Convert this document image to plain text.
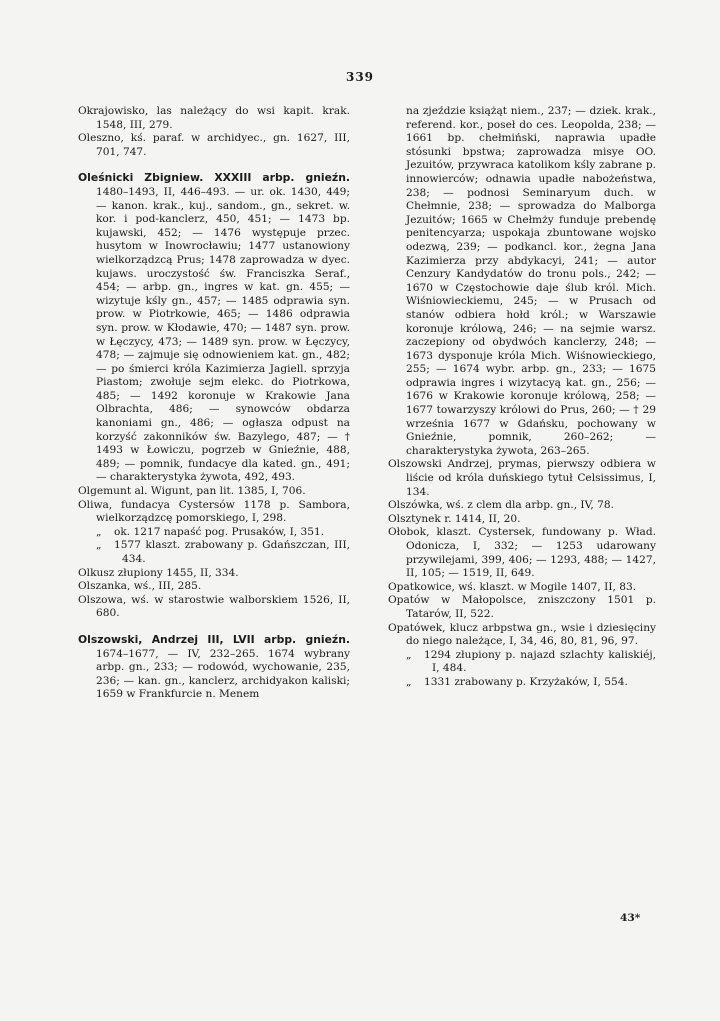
339

Okrajowisko, las należący do wsi kapit. krak. 1548, III, 279.

Oleszno, kś. paraf. w archidyec., gn. 1627, III, 701, 747.

Oleśnicki Zbigniew. XXXIII arbp. gnieźn. 1480–1493, II, 446–493. — ur. ok. 1430, 449; — kanon. krak., kuj., sandom., gn., sekret. w. kor. i pod-kanclerz, 450, 451; — 1473 bp. kujawski, 452; — 1476 występuje przec. husytom w Inowrocławiu; 1477 ustanowiony wielkorządzcą Prus; 1478 zaprowadza w dyec. kujaws. uroczystość św. Franciszka Seraf., 454; — arbp. gn., ingres w kat. gn. 455; — wizytuje kśly gn., 457; — 1485 odprawia syn. prow. w Piotrkowie, 465; — 1486 odprawia syn. prow. w Kłodawie, 470; — 1487 syn. prow. w Łęczycy, 473; — 1489 syn. prow. w Łęczycy, 478; — zajmuje się odnowieniem kat. gn., 482; — po śmierci króla Kazimierza Jagiell. sprzyja Piastom; zwołuje sejm elekc. do Piotrkowa, 485; — 1492 koronuje w Krakowie Jana Olbrachta, 486; — synowców obdarza kanoniami gn., 486; — ogłasza odpust na korzyść zakonników św. Bazylego, 487; — † 1493 w Łowiczu, pogrzeb w Gnieźnie, 488, 489; — pomnik, fundacye dla kated. gn., 491; — charakterystyka żywota, 492, 493.

Olgemunt al. Wigunt, pan lit. 1385, I, 706.

Oliwa, fundacya Cystersów 1178 p. Sambora, wielkorządzcę pomorskiego, I, 298.

„ ok. 1217 napaść pog. Prusaków, I, 351.

„ 1577 klaszt. zrabowany p. Gdańszczan, III, 434.

Olkusz złupiony 1455, II, 334.

Olszanka, wś., III, 285.

Olszowa, wś. w starostwie walborskiem 1526, II, 680.

Olszowski, Andrzej III, LVII arbp. gnieźn. 1674–1677, — IV, 232–265. 1674 wybrany arbp. gn., 233; — rodowód, wychowanie, 235, 236; — kan. gn., kanclerz, archidyakon kaliski; 1659 w Frankfurcie n. Menem

na zjeździe książąt niem., 237; — dziek. krak., referend. kor., poseł do ces. Leopolda, 238; — 1661 bp. chełmiński, naprawia upadłe stósunki bpstwa; zaprowadza misye OO. Jezuitów, przywraca katolikom kśly zabrane p. innowierców; odnawia upadłe nabożeństwa, 238; — podnosi Seminaryum duch. w Chełmnie, 238; — sprowadza do Malborga Jezuitów; 1665 w Chełmży funduje prebendę penitencyarza; uspokaja zbuntowane wojsko odezwą, 239; — podkancl. kor., żegna Jana Kazimierza przy abdykacyi, 241; — autor Cenzury Kandydatów do tronu pols., 242; — 1670 w Częstochowie daje ślub król. Mich. Wiśniowieckiemu, 245; — w Prusach od stanów odbiera hołd król.; w Warszawie koronuje królową, 246; — na sejmie warsz. zaczepiony od obydwóch kanclerzy, 248; — 1673 dysponuje króla Mich. Wiśnowieckiego, 255; — 1674 wybr. arbp. gn., 233; — 1675 odprawia ingres i wizytacyą kat. gn., 256; — 1676 w Krakowie koronuje królową, 258; — 1677 towarzyszy królowi do Prus, 260; — † 29 września 1677 w Gdańsku, pochowany w Gnieźnie, pomnik, 260–262; — charakterystyka żywota, 263–265.

Olszowski Andrzej, prymas, pierwszy odbiera w liście od króla duńskiego tytuł Celsissimus, I, 134.

Olszówka, wś. z clem dla arbp. gn., IV, 78.

Olsztynek r. 1414, II, 20.

Ołobok, klaszt. Cystersek, fundowany p. Wład. Odonicza, I, 332; — 1253 udarowany przywilejami, 399, 406; — 1293, 488; — 1427, II, 105; — 1519, II, 649.

Opatkowice, wś. klaszt. w Mogile 1407, II, 83.

Opatów w Małopolsce, zniszczony 1501 p. Tatarów, II, 522.

Opatówek, klucz arbpstwa gn., wsie i dziesięciny do niego należące, I, 34, 46, 80, 81, 96, 97.

„ 1294 złupiony p. najazd szlachty kaliskiéj, I, 484.

„ 1331 zrabowany p. Krzyżaków, I, 554.

43*
